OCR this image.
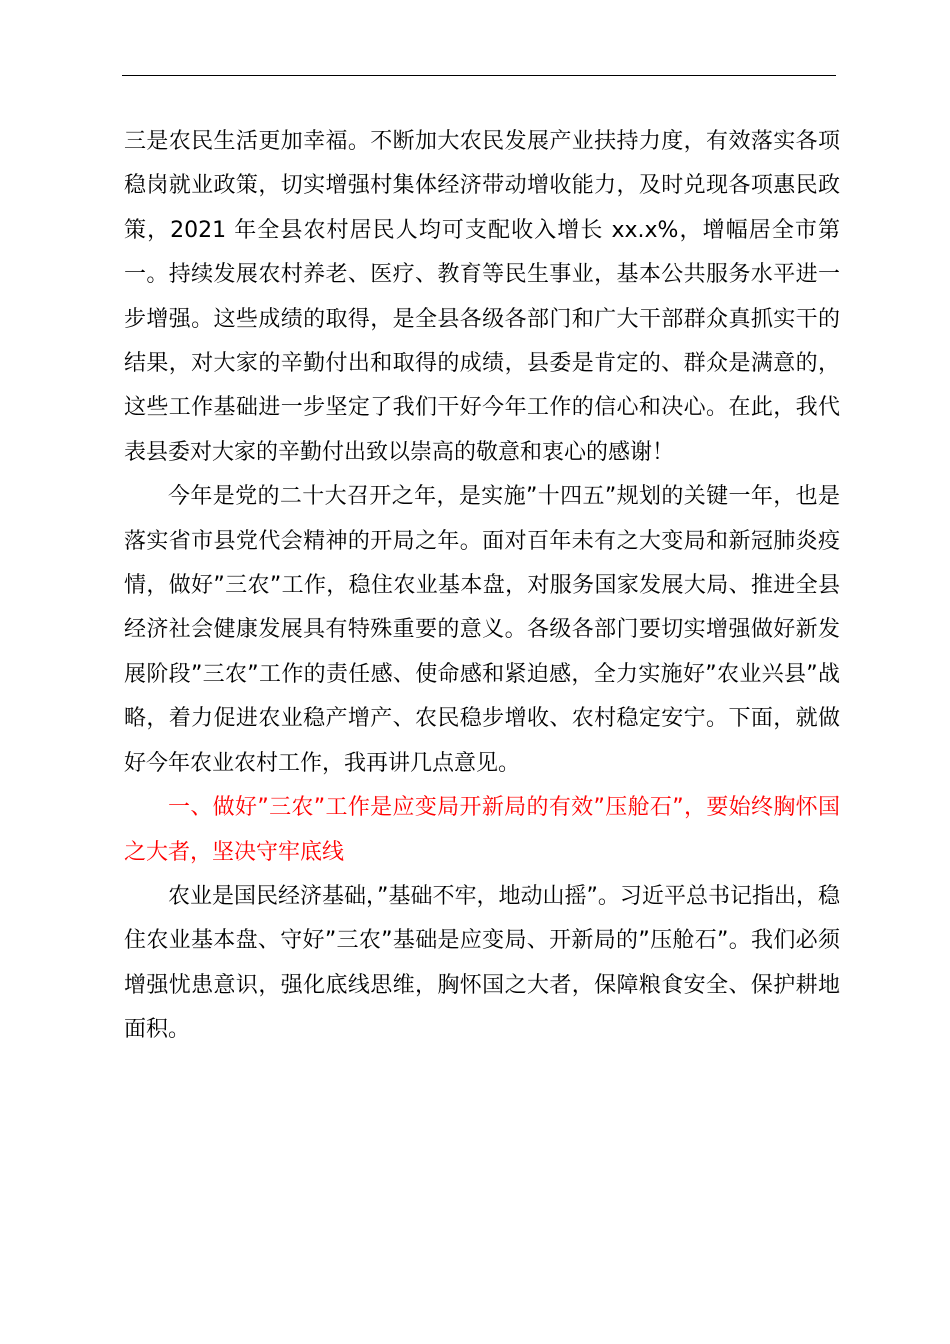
三是农民生活更加幸福。不断加大农民发展产业扶持力度，有效落实各项稳岗就业政策，切实增强村集体经济带动增收能力，及时兑现各项惠民政策，2021 年全县农村居民人均可支配收入增长 xx.x%，增幅居全市第一。持续发展农村养老、医疗、教育等民生事业，基本公共服务水平进一步增强。这些成绩的取得，是全县各级各部门和广大干部群众真抓实干的结果，对大家的辛勤付出和取得的成绩，县委是肯定的、群众是满意的，这些工作基础进一步坚定了我们干好今年工作的信心和决心。在此，我代表县委对大家的辛勤付出致以崇高的敬意和衷心的感谢！

今年是党的二十大召开之年，是实施”十四五”规划的关键一年，也是落实省市县党代会精神的开局之年。面对百年未有之大变局和新冠肺炎疫情，做好”三农”工作，稳住农业基本盘，对服务国家发展大局、推进全县经济社会健康发展具有特殊重要的意义。各级各部门要切实增强做好新发展阶段”三农”工作的责任感、使命感和紧迫感，全力实施好”农业兴县”战略，着力促进农业稳产增产、农民稳步增收、农村稳定安宁。下面，就做好今年农业农村工作，我再讲几点意见。

一、做好”三农”工作是应变局开新局的有效”压舱石”，要始终胸怀国之大者，坚决守牢底线

农业是国民经济基础，”基础不牢，地动山摇”。习近平总书记指出，稳住农业基本盘、守好”三农”基础是应变局、开新局的”压舱石”。我们必须增强忧患意识，强化底线思维，胸怀国之大者，保障粮食安全、保护耕地面积。
